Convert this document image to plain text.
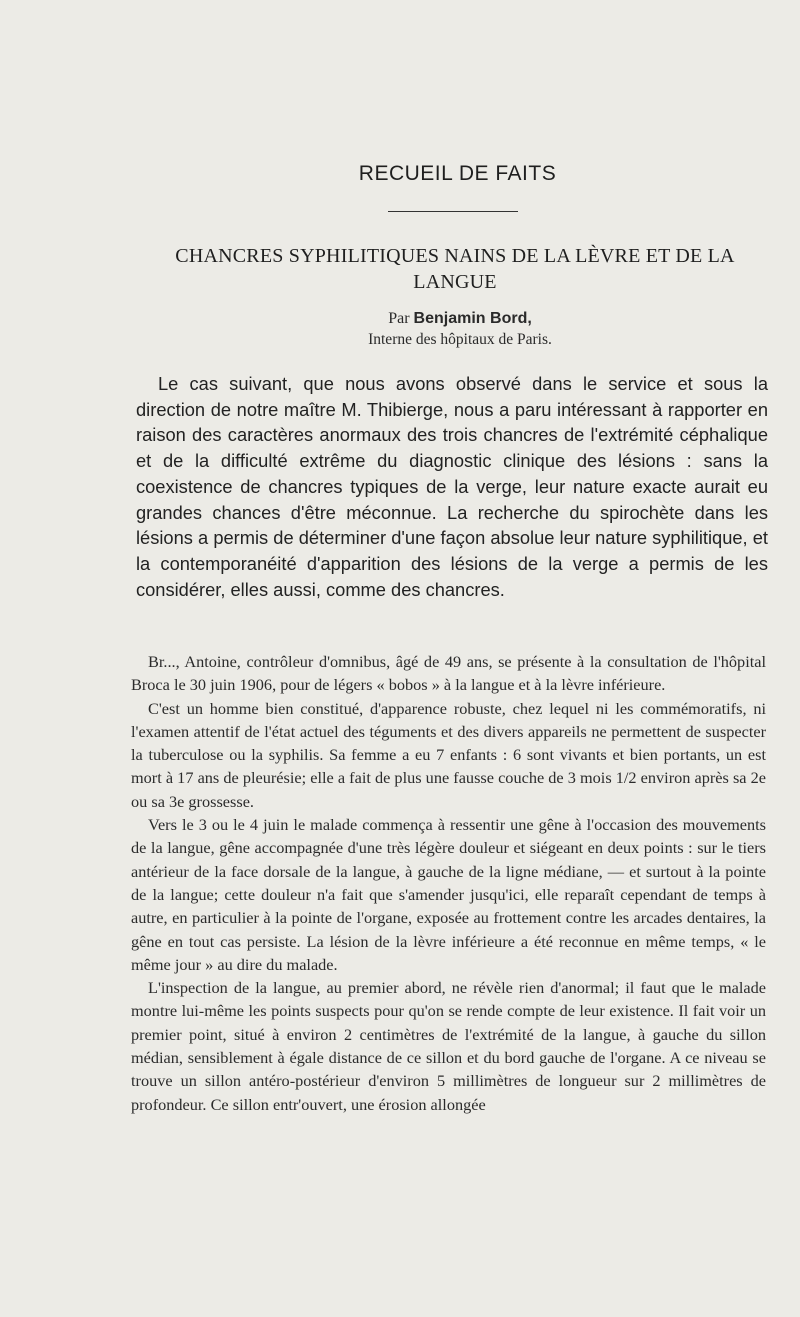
RECUEIL DE FAITS
CHANCRES SYPHILITIQUES NAINS DE LA LÈVRE ET DE LA LANGUE
Par Benjamin Bord,
Interne des hôpitaux de Paris.
Le cas suivant, que nous avons observé dans le service et sous la direction de notre maître M. Thibierge, nous a paru intéressant à rapporter en raison des caractères anormaux des trois chancres de l'extrémité céphalique et de la difficulté extrême du diagnostic clinique des lésions : sans la coexistence de chancres typiques de la verge, leur nature exacte aurait eu grandes chances d'être méconnue. La recherche du spirochète dans les lésions a permis de déterminer d'une façon absolue leur nature syphilitique, et la contemporanéité d'apparition des lésions de la verge a permis de les considérer, elles aussi, comme des chancres.

Br..., Antoine, contrôleur d'omnibus, âgé de 49 ans, se présente à la consultation de l'hôpital Broca le 30 juin 1906, pour de légers « bobos » à la langue et à la lèvre inférieure.

C'est un homme bien constitué, d'apparence robuste, chez lequel ni les commémoratifs, ni l'examen attentif de l'état actuel des téguments et des divers appareils ne permettent de suspecter la tuberculose ou la syphilis. Sa femme a eu 7 enfants : 6 sont vivants et bien portants, un est mort à 17 ans de pleurésie; elle a fait de plus une fausse couche de 3 mois 1/2 environ après sa 2e ou sa 3e grossesse.

Vers le 3 ou le 4 juin le malade commença à ressentir une gêne à l'occasion des mouvements de la langue, gêne accompagnée d'une très légère douleur et siégeant en deux points : sur le tiers antérieur de la face dorsale de la langue, à gauche de la ligne médiane, — et surtout à la pointe de la langue; cette douleur n'a fait que s'amender jusqu'ici, elle reparaît cependant de temps à autre, en particulier à la pointe de l'organe, exposée au frottement contre les arcades dentaires, la gêne en tout cas persiste. La lésion de la lèvre inférieure a été reconnue en même temps, « le même jour » au dire du malade.

L'inspection de la langue, au premier abord, ne révèle rien d'anormal; il faut que le malade montre lui-même les points suspects pour qu'on se rende compte de leur existence. Il fait voir un premier point, situé à environ 2 centimètres de l'extrémité de la langue, à gauche du sillon médian, sensiblement à égale distance de ce sillon et du bord gauche de l'organe. A ce niveau se trouve un sillon antéro-postérieur d'environ 5 millimètres de longueur sur 2 millimètres de profondeur. Ce sillon entr'ouvert, une érosion allongée
